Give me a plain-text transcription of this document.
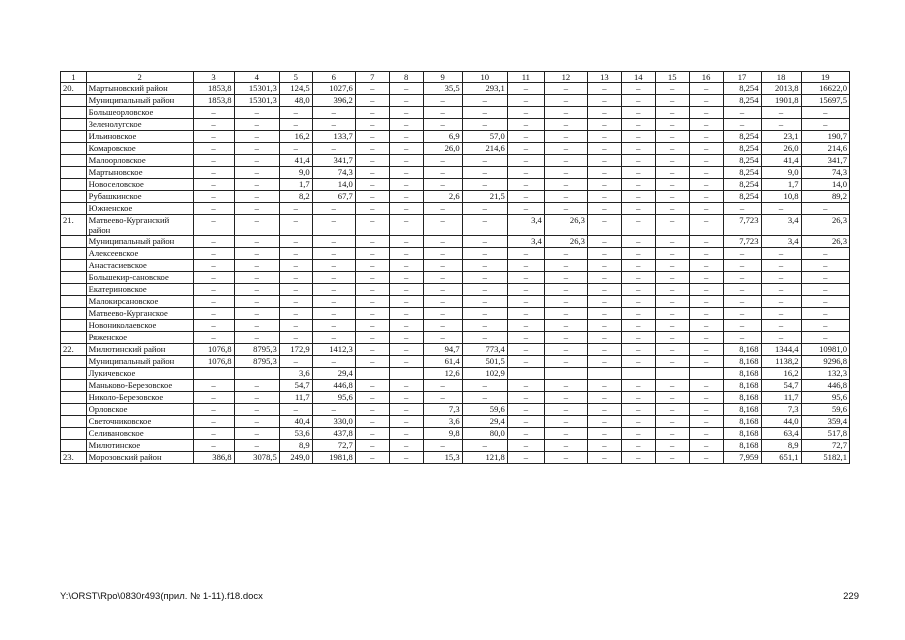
1	2	3	4	5	6	7	8	9	10	11	12	13	14	15	16	17	18	19
20.	Мартыновский район	1853,8	15301,3	124,5	1027,6	–	–	35,5	293,1	–	–	–	–	–	–	8,254	2013,8	16622,0
	Муниципальный район	1853,8	15301,3	48,0	396,2	–	–	–	–	–	–	–	–	–	–	8,254	1901,8	15697,5
	Большеорловское	–	–	–	–	–	–	–	–	–	–	–	–	–	–	–	–	–
	Зеленолугское	–	–	–	–	–	–	–	–	–	–	–	–	–	–	–	–	–
	Ильиновское	–	–	16,2	133,7	–	–	6,9	57,0	–	–	–	–	–	–	8,254	23,1	190,7
	Комаровское	–	–	–	–	–	–	26,0	214,6	–	–	–	–	–	–	8,254	26,0	214,6
	Малоорловское	–	–	41,4	341,7	–	–	–	–	–	–	–	–	–	–	8,254	41,4	341,7
	Мартыновское	–	–	9,0	74,3	–	–	–	–	–	–	–	–	–	–	8,254	9,0	74,3
	Новоселовское	–	–	1,7	14,0	–	–	–	–	–	–	–	–	–	–	8,254	1,7	14,0
	Рубашкинское	–	–	8,2	67,7	–	–	2,6	21,5	–	–	–	–	–	–	8,254	10,8	89,2
	Южненское	–	–	–	–	–	–	–	–	–	–	–	–	–	–	–	–	–
21.	Матвеево-Курганский район	–	–	–	–	–	–	–	–	3,4	26,3	–	–	–	–	7,723	3,4	26,3
	Муниципальный район	–	–	–	–	–	–	–	–	3,4	26,3	–	–	–	–	7,723	3,4	26,3
	Алексеевское	–	–	–	–	–	–	–	–	–	–	–	–	–	–	–	–	–
	Анастасиевское	–	–	–	–	–	–	–	–	–	–	–	–	–	–	–	–	–
	Большекир-сановское	–	–	–	–	–	–	–	–	–	–	–	–	–	–	–	–	–
	Екатериновское	–	–	–	–	–	–	–	–	–	–	–	–	–	–	–	–	–
	Малокирсановское	–	–	–	–	–	–	–	–	–	–	–	–	–	–	–	–	–
	Матвеево-Курганское	–	–	–	–	–	–	–	–	–	–	–	–	–	–	–	–	–
	Новониколаевское	–	–	–	–	–	–	–	–	–	–	–	–	–	–	–	–	–
	Ряженское	–	–	–	–	–	–	–	–	–	–	–	–	–	–	–	–	–
22.	Милютинский район	1076,8	8795,3	172,9	1412,3	–	–	94,7	773,4	–	–	–	–	–	–	8,168	1344,4	10981,0
	Муниципальный район	1076,8	8795,3	–	–	–	–	61,4	501,5	–	–	–	–	–	–	8,168	1138,2	9296,8
	Лукичевское			3,6	29,4			12,6	102,9							8,168	16,2	132,3
	Маньково-Березовское	–	–	54,7	446,8	–	–	–	–	–	–	–	–	–	–	8,168	54,7	446,8
	Николо-Березовское	–	–	11,7	95,6	–	–	–	–	–	–	–	–	–	–	8,168	11,7	95,6
	Орловское	–	–	–	–	–	–	7,3	59,6	–	–	–	–	–	–	8,168	7,3	59,6
	Светочниковское	–	–	40,4	330,0	–	–	3,6	29,4	–	–	–	–	–	–	8,168	44,0	359,4
	Селивановское	–	–	53,6	437,8	–	–	9,8	80,0	–	–	–	–	–	–	8,168	63,4	517,8
	Милютинское	–	–	8,9	72,7	–	–	–	–	–	–	–	–	–	–	8,168	8,9	72,7
23.	Морозовский район	386,8	3078,5	249,0	1981,8	–	–	15,3	121,8	–	–	–	–	–	–	7,959	651,1	5182,1
Y:\ORST\Rpo\0830r493(прил. № 1-11).f18.docx	229
